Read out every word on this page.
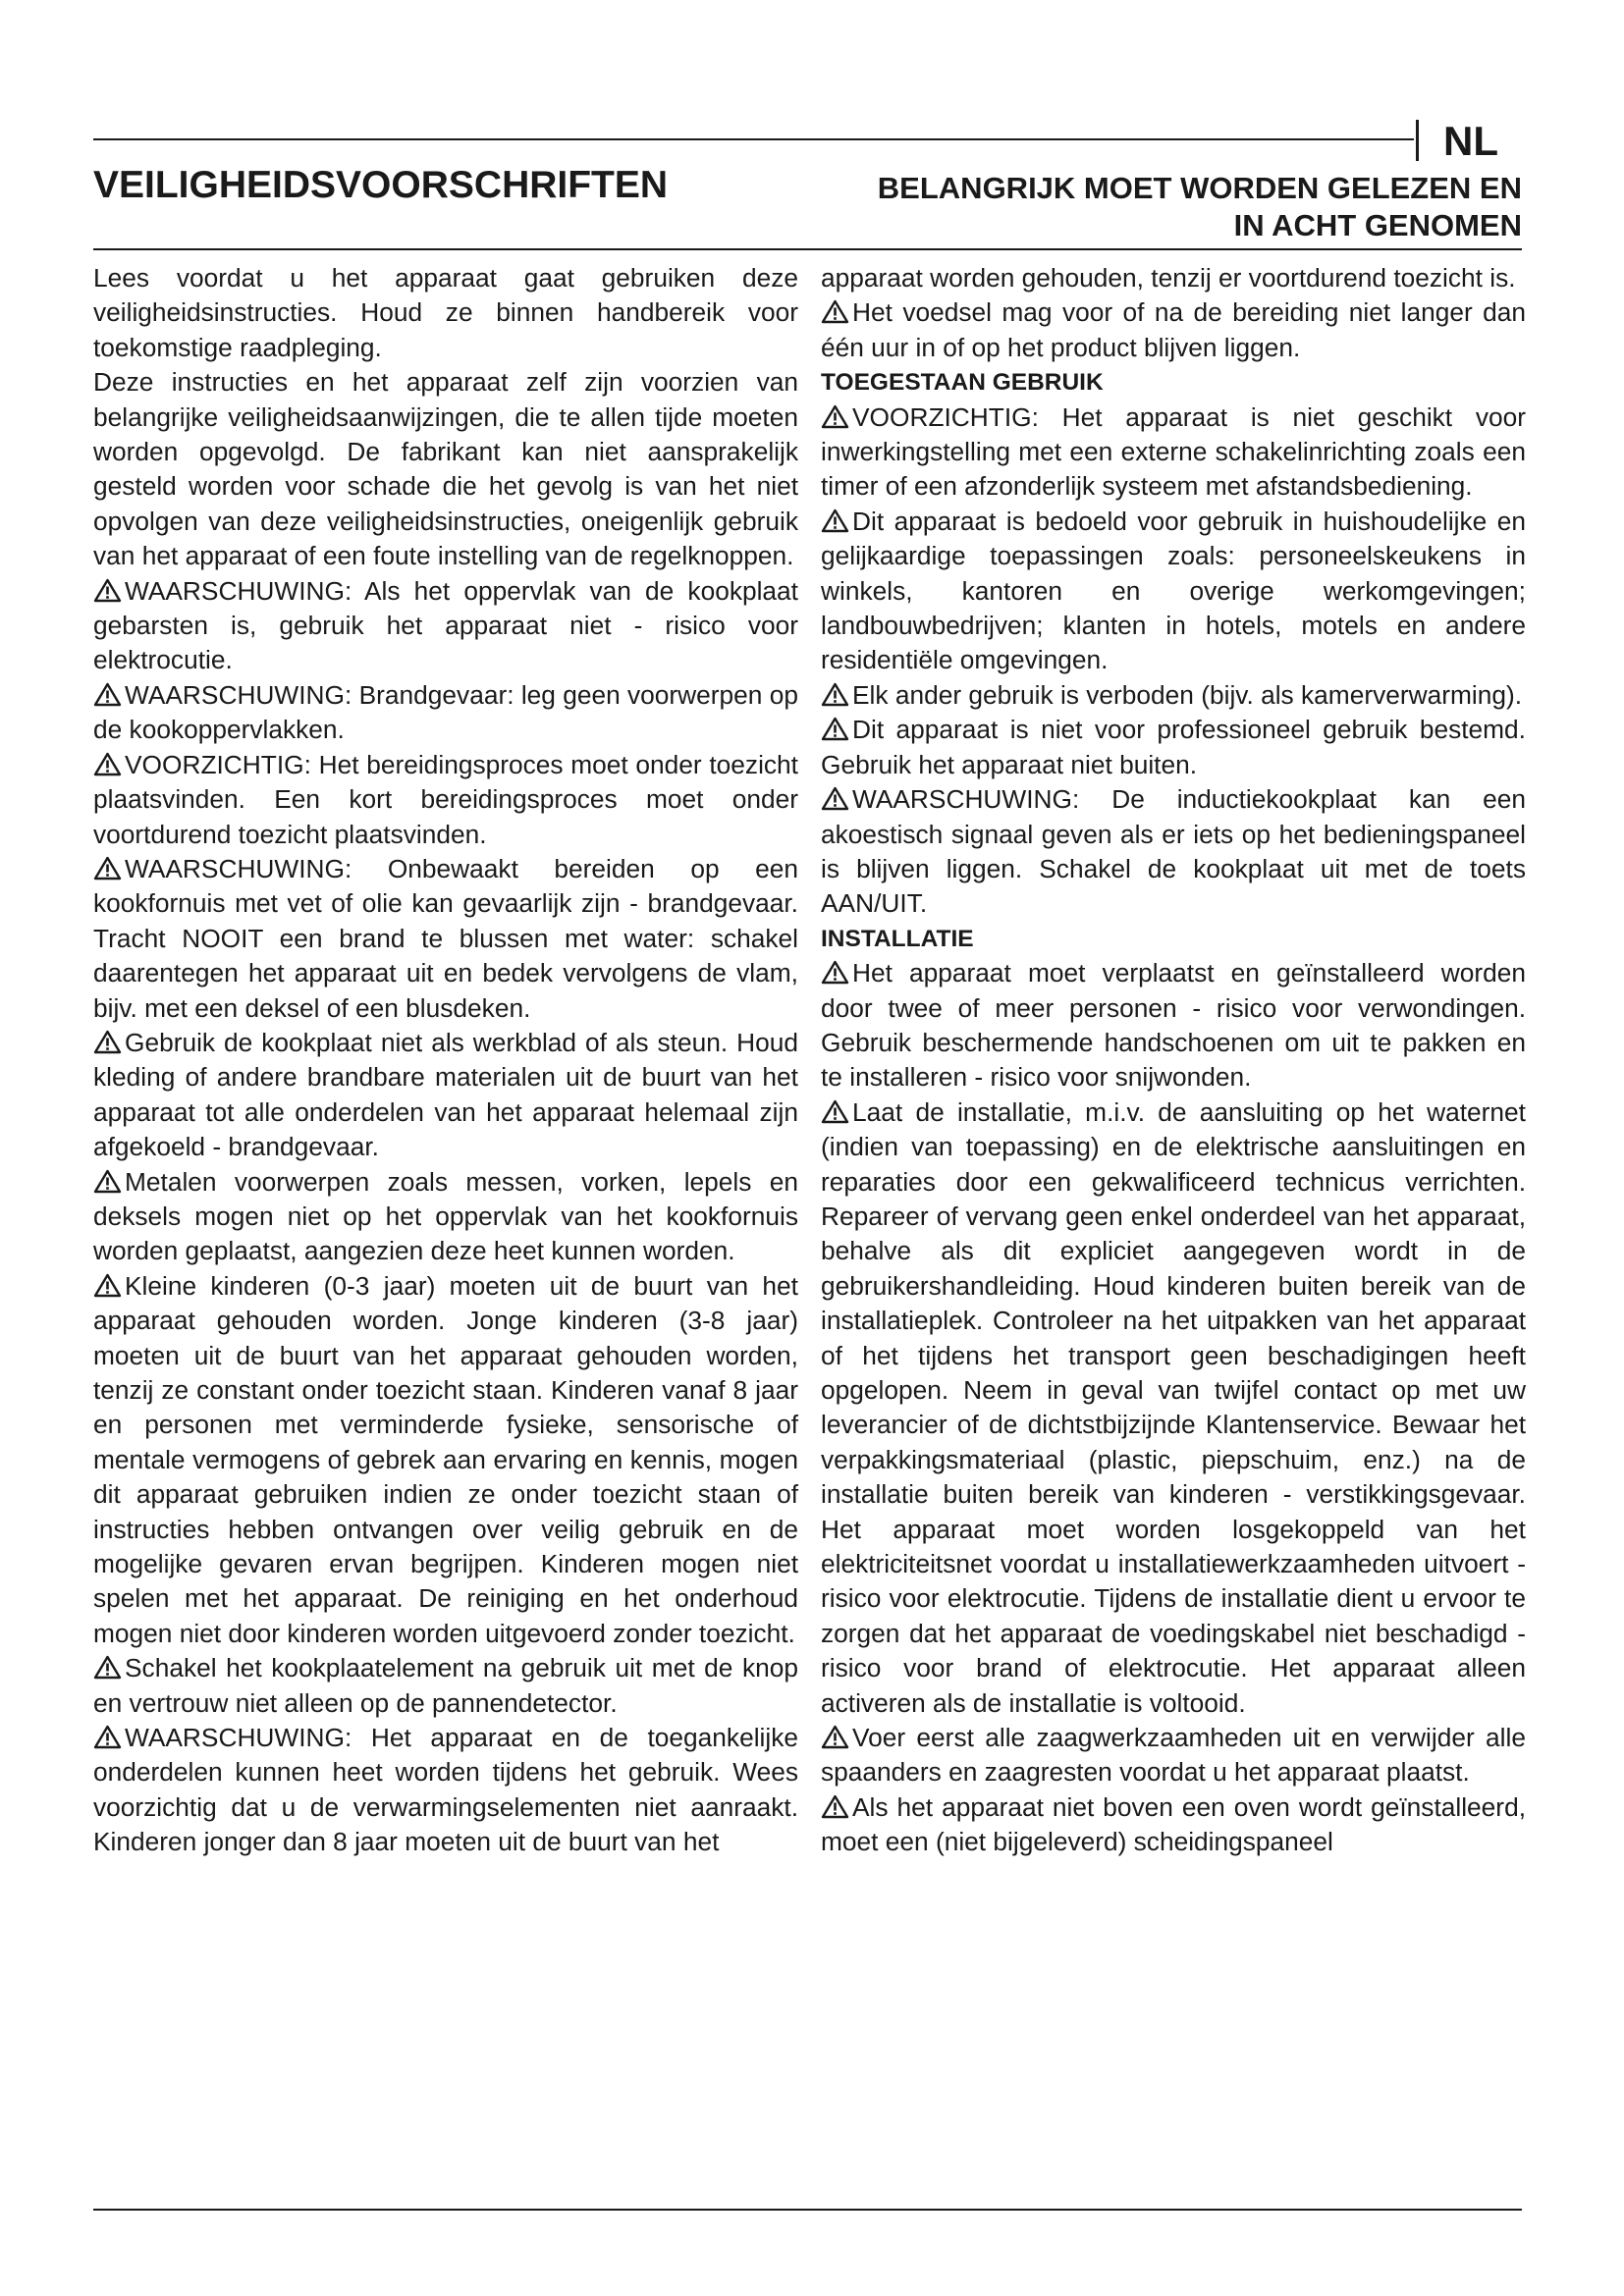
NL
VEILIGHEIDSVOORSCHRIFTEN	BELANGRIJK MOET WORDEN GELEZEN EN
IN ACHT GENOMEN

Lees voordat u het apparaat gaat gebruiken deze veiligheidsinstructies. Houd ze binnen handbereik voor toekomstige raadpleging.

Deze instructies en het apparaat zelf zijn voorzien van belangrijke veiligheidsaanwijzingen, die te allen tijde moeten worden opgevolgd. De fabrikant kan niet aansprakelijk gesteld worden voor schade die het gevolg is van het niet opvolgen van deze veiligheidsinstructies, oneigenlijk gebruik van het apparaat of een foute instelling van de regelknoppen.

WAARSCHUWING: Als het oppervlak van de kookplaat gebarsten is, gebruik het apparaat niet - risico voor elektrocutie.

WAARSCHUWING: Brandgevaar: leg geen voorwerpen op de kookoppervlakken.

VOORZICHTIG: Het bereidingsproces moet onder toezicht plaatsvinden. Een kort bereidingsproces moet onder voortdurend toezicht plaatsvinden.

WAARSCHUWING: Onbewaakt bereiden op een kookfornuis met vet of olie kan gevaarlijk zijn - brandgevaar. Tracht NOOIT een brand te blussen met water: schakel daarentegen het apparaat uit en bedek vervolgens de vlam, bijv. met een deksel of een blusdeken.

Gebruik de kookplaat niet als werkblad of als steun. Houd kleding of andere brandbare materialen uit de buurt van het apparaat tot alle onderdelen van het apparaat helemaal zijn afgekoeld - brandgevaar.

Metalen voorwerpen zoals messen, vorken, lepels en deksels mogen niet op het oppervlak van het kookfornuis worden geplaatst, aangezien deze heet kunnen worden.

Kleine kinderen (0-3 jaar) moeten uit de buurt van het apparaat gehouden worden. Jonge kinderen (3-8 jaar) moeten uit de buurt van het apparaat gehouden worden, tenzij ze constant onder toezicht staan. Kinderen vanaf 8 jaar en personen met verminderde fysieke, sensorische of mentale vermogens of gebrek aan ervaring en kennis, mogen dit apparaat gebruiken indien ze onder toezicht staan of instructies hebben ontvangen over veilig gebruik en de mogelijke gevaren ervan begrijpen. Kinderen mogen niet spelen met het apparaat. De reiniging en het onderhoud mogen niet door kinderen worden uitgevoerd zonder toezicht.

Schakel het kookplaatelement na gebruik uit met de knop en vertrouw niet alleen op de pannendetector.

WAARSCHUWING: Het apparaat en de toegankelijke onderdelen kunnen heet worden tijdens het gebruik. Wees voorzichtig dat u de verwarmingselementen niet aanraakt. Kinderen jonger dan 8 jaar moeten uit de buurt van het

apparaat worden gehouden, tenzij er voortdurend toezicht is.

Het voedsel mag voor of na de bereiding niet langer dan één uur in of op het product blijven liggen.

TOEGESTAAN GEBRUIK

VOORZICHTIG: Het apparaat is niet geschikt voor inwerkingstelling met een externe schakelinrichting zoals een timer of een afzonderlijk systeem met afstandsbediening.

Dit apparaat is bedoeld voor gebruik in huishoudelijke en gelijkaardige toepassingen zoals: personeelskeukens in winkels, kantoren en overige werkomgevingen; landbouwbedrijven; klanten in hotels, motels en andere residentiële omgevingen.

Elk ander gebruik is verboden (bijv. als kamerverwarming).

Dit apparaat is niet voor professioneel gebruik bestemd. Gebruik het apparaat niet buiten.

WAARSCHUWING: De inductiekookplaat kan een akoestisch signaal geven als er iets op het bedieningspaneel is blijven liggen. Schakel de kookplaat uit met de toets AAN/UIT.

INSTALLATIE

Het apparaat moet verplaatst en geïnstalleerd worden door twee of meer personen - risico voor verwondingen. Gebruik beschermende handschoenen om uit te pakken en te installeren - risico voor snijwonden.

Laat de installatie, m.i.v. de aansluiting op het waternet (indien van toepassing) en de elektrische aansluitingen en reparaties door een gekwalificeerd technicus verrichten. Repareer of vervang geen enkel onderdeel van het apparaat, behalve als dit expliciet aangegeven wordt in de gebruikershandleiding. Houd kinderen buiten bereik van de installatieplek. Controleer na het uitpakken van het apparaat of het tijdens het transport geen beschadigingen heeft opgelopen. Neem in geval van twijfel contact op met uw leverancier of de dichtstbijzijnde Klantenservice. Bewaar het verpakkingsmateriaal (plastic, piepschuim, enz.) na de installatie buiten bereik van kinderen - verstikkingsgevaar. Het apparaat moet worden losgekoppeld van het elektriciteitsnet voordat u installatiewerkzaamheden uitvoert - risico voor elektrocutie. Tijdens de installatie dient u ervoor te zorgen dat het apparaat de voedingskabel niet beschadigd - risico voor brand of elektrocutie. Het apparaat alleen activeren als de installatie is voltooid.

Voer eerst alle zaagwerkzaamheden uit en verwijder alle spaanders en zaagresten voordat u het apparaat plaatst.

Als het apparaat niet boven een oven wordt geïnstalleerd, moet een (niet bijgeleverd) scheidingspaneel
